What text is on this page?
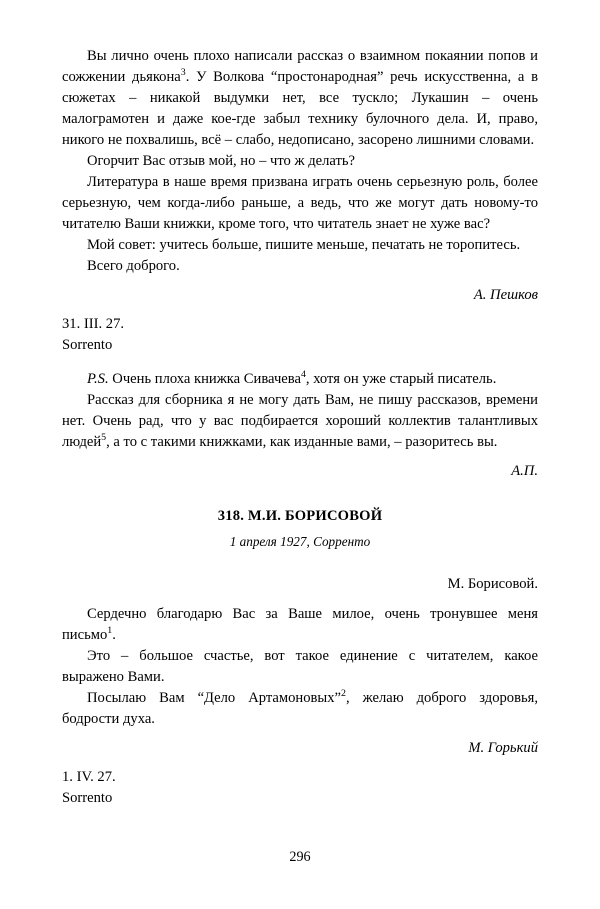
Вы лично очень плохо написали рассказ о взаимном покаянии попов и сожжении дьякона$^3$. У Волкова “простонародная” речь искусственна, а в сюжетах – никакой выдумки нет, все тускло; Лукашин – очень малограмотен и даже кое-где забыл технику булочного дела. И, право, никого не похвалишь, всё – слабо, недописано, засорено лишними словами.

Огорчит Вас отзыв мой, но – что ж делать?

Литература в наше время призвана играть очень серьезную роль, более серьезную, чем когда-либо раньше, а ведь, что же могут дать новому-то читателю Ваши книжки, кроме того, что читатель знает не хуже вас?

Мой совет: учитесь больше, пишите меньше, печатать не торопитесь.

Всего доброго.

А. Пешков

31. III. 27.
Sorrento

P.S. Очень плоха книжка Сивачева$^4$, хотя он уже старый писатель.

Рассказ для сборника я не могу дать Вам, не пишу рассказов, времени нет. Очень рад, что у вас подбирается хороший коллектив талантливых людей$^5$, а то с такими книжками, как изданные вами, – разоритесь вы.

А.П.

318. М.И. БОРИСОВОЙ
1 апреля 1927, Сорренто

М. Борисовой.

Сердечно благодарю Вас за Ваше милое, очень тронувшее меня письмо$^1$.

Это – большое счастье, вот такое единение с читателем, какое выражено Вами.

Посылаю Вам “Дело Артамоновых”$^2$, желаю доброго здоровья, бодрости духа.

М. Горький

1. IV. 27.
Sorrento
296
